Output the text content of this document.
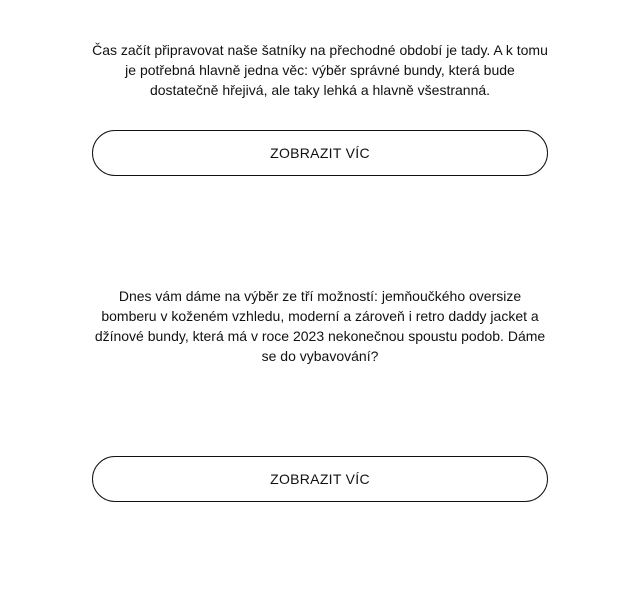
Čas začít připravovat naše šatníky na přechodné období je tady. A k tomu je potřebná hlavně jedna věc: výběr správné bundy, která bude dostatečně hřejivá, ale taky lehká a hlavně všestranná.

ZOBRAZIT VÍC

Dnes vám dáme na výběr ze tří možností: jemňoučkého oversize bomberu v koženém vzhledu, moderní a zároveň i retro daddy jacket a džínové bundy, která má v roce 2023 nekonečnou spoustu podob. Dáme se do vybavování?

ZOBRAZIT VÍC
